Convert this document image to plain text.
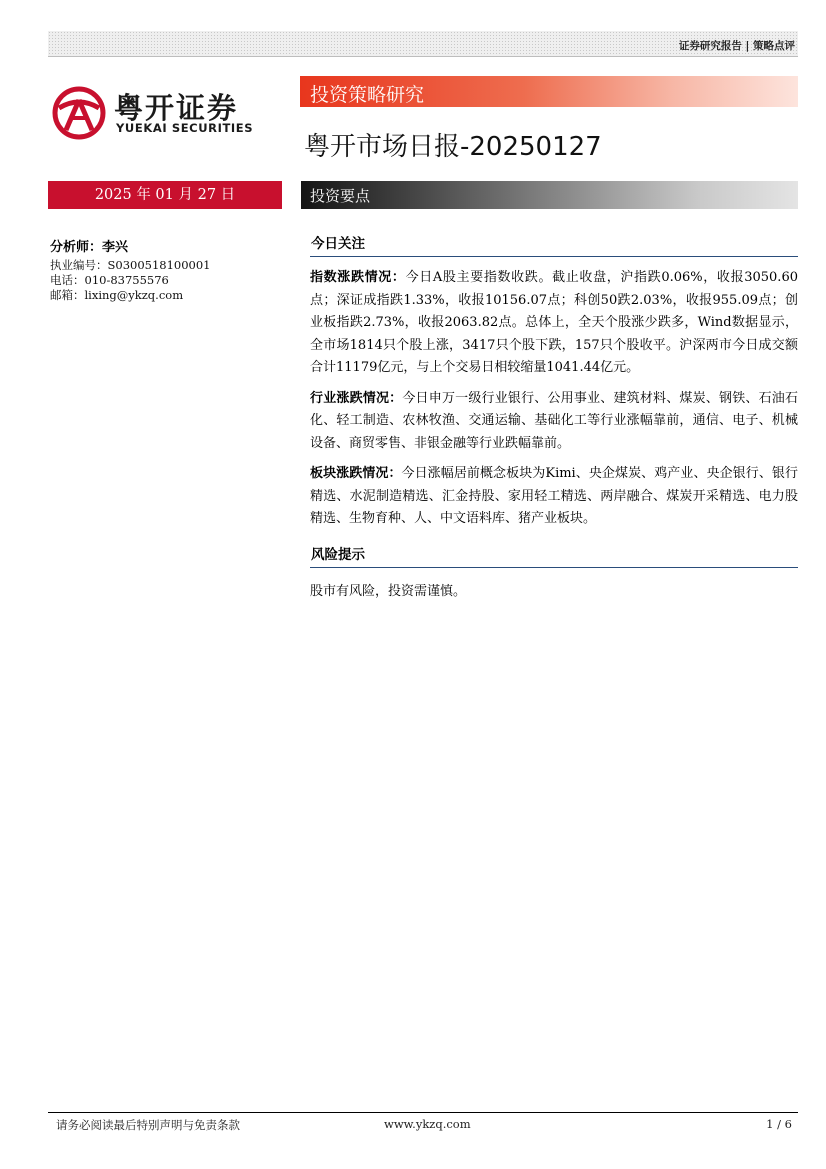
证券研究报告 | 策略点评
粤开证券
YUEKAI SECURITIES
投资策略研究
粤开市场日报-20250127
2025 年 01 月 27 日	投资要点
分析师：李兴
执业编号：S0300518100001
电话：010-83755576
邮箱：lixing@ykzq.com
今日关注

指数涨跌情况：今日A股主要指数收跌。截止收盘，沪指跌0.06%，收报3050.60点；深证成指跌1.33%，收报10156.07点；科创50跌2.03%，收报955.09点；创业板指跌2.73%，收报2063.82点。总体上，全天个股涨少跌多，Wind数据显示，全市场1814只个股上涨，3417只个股下跌，157只个股收平。沪深两市今日成交额合计11179亿元，与上个交易日相较缩量1041.44亿元。

行业涨跌情况：今日申万一级行业银行、公用事业、建筑材料、煤炭、钢铁、石油石化、轻工制造、农林牧渔、交通运输、基础化工等行业涨幅靠前，通信、电子、机械设备、商贸零售、非银金融等行业跌幅靠前。

板块涨跌情况：今日涨幅居前概念板块为Kimi、央企煤炭、鸡产业、央企银行、银行精选、水泥制造精选、汇金持股、家用轻工精选、两岸融合、煤炭开采精选、电力股精选、生物育种、人、中文语料库、猪产业板块。

风险提示

股市有风险，投资需谨慎。

请务必阅读最后特别声明与免责条款	www.ykzq.com	1 / 6
